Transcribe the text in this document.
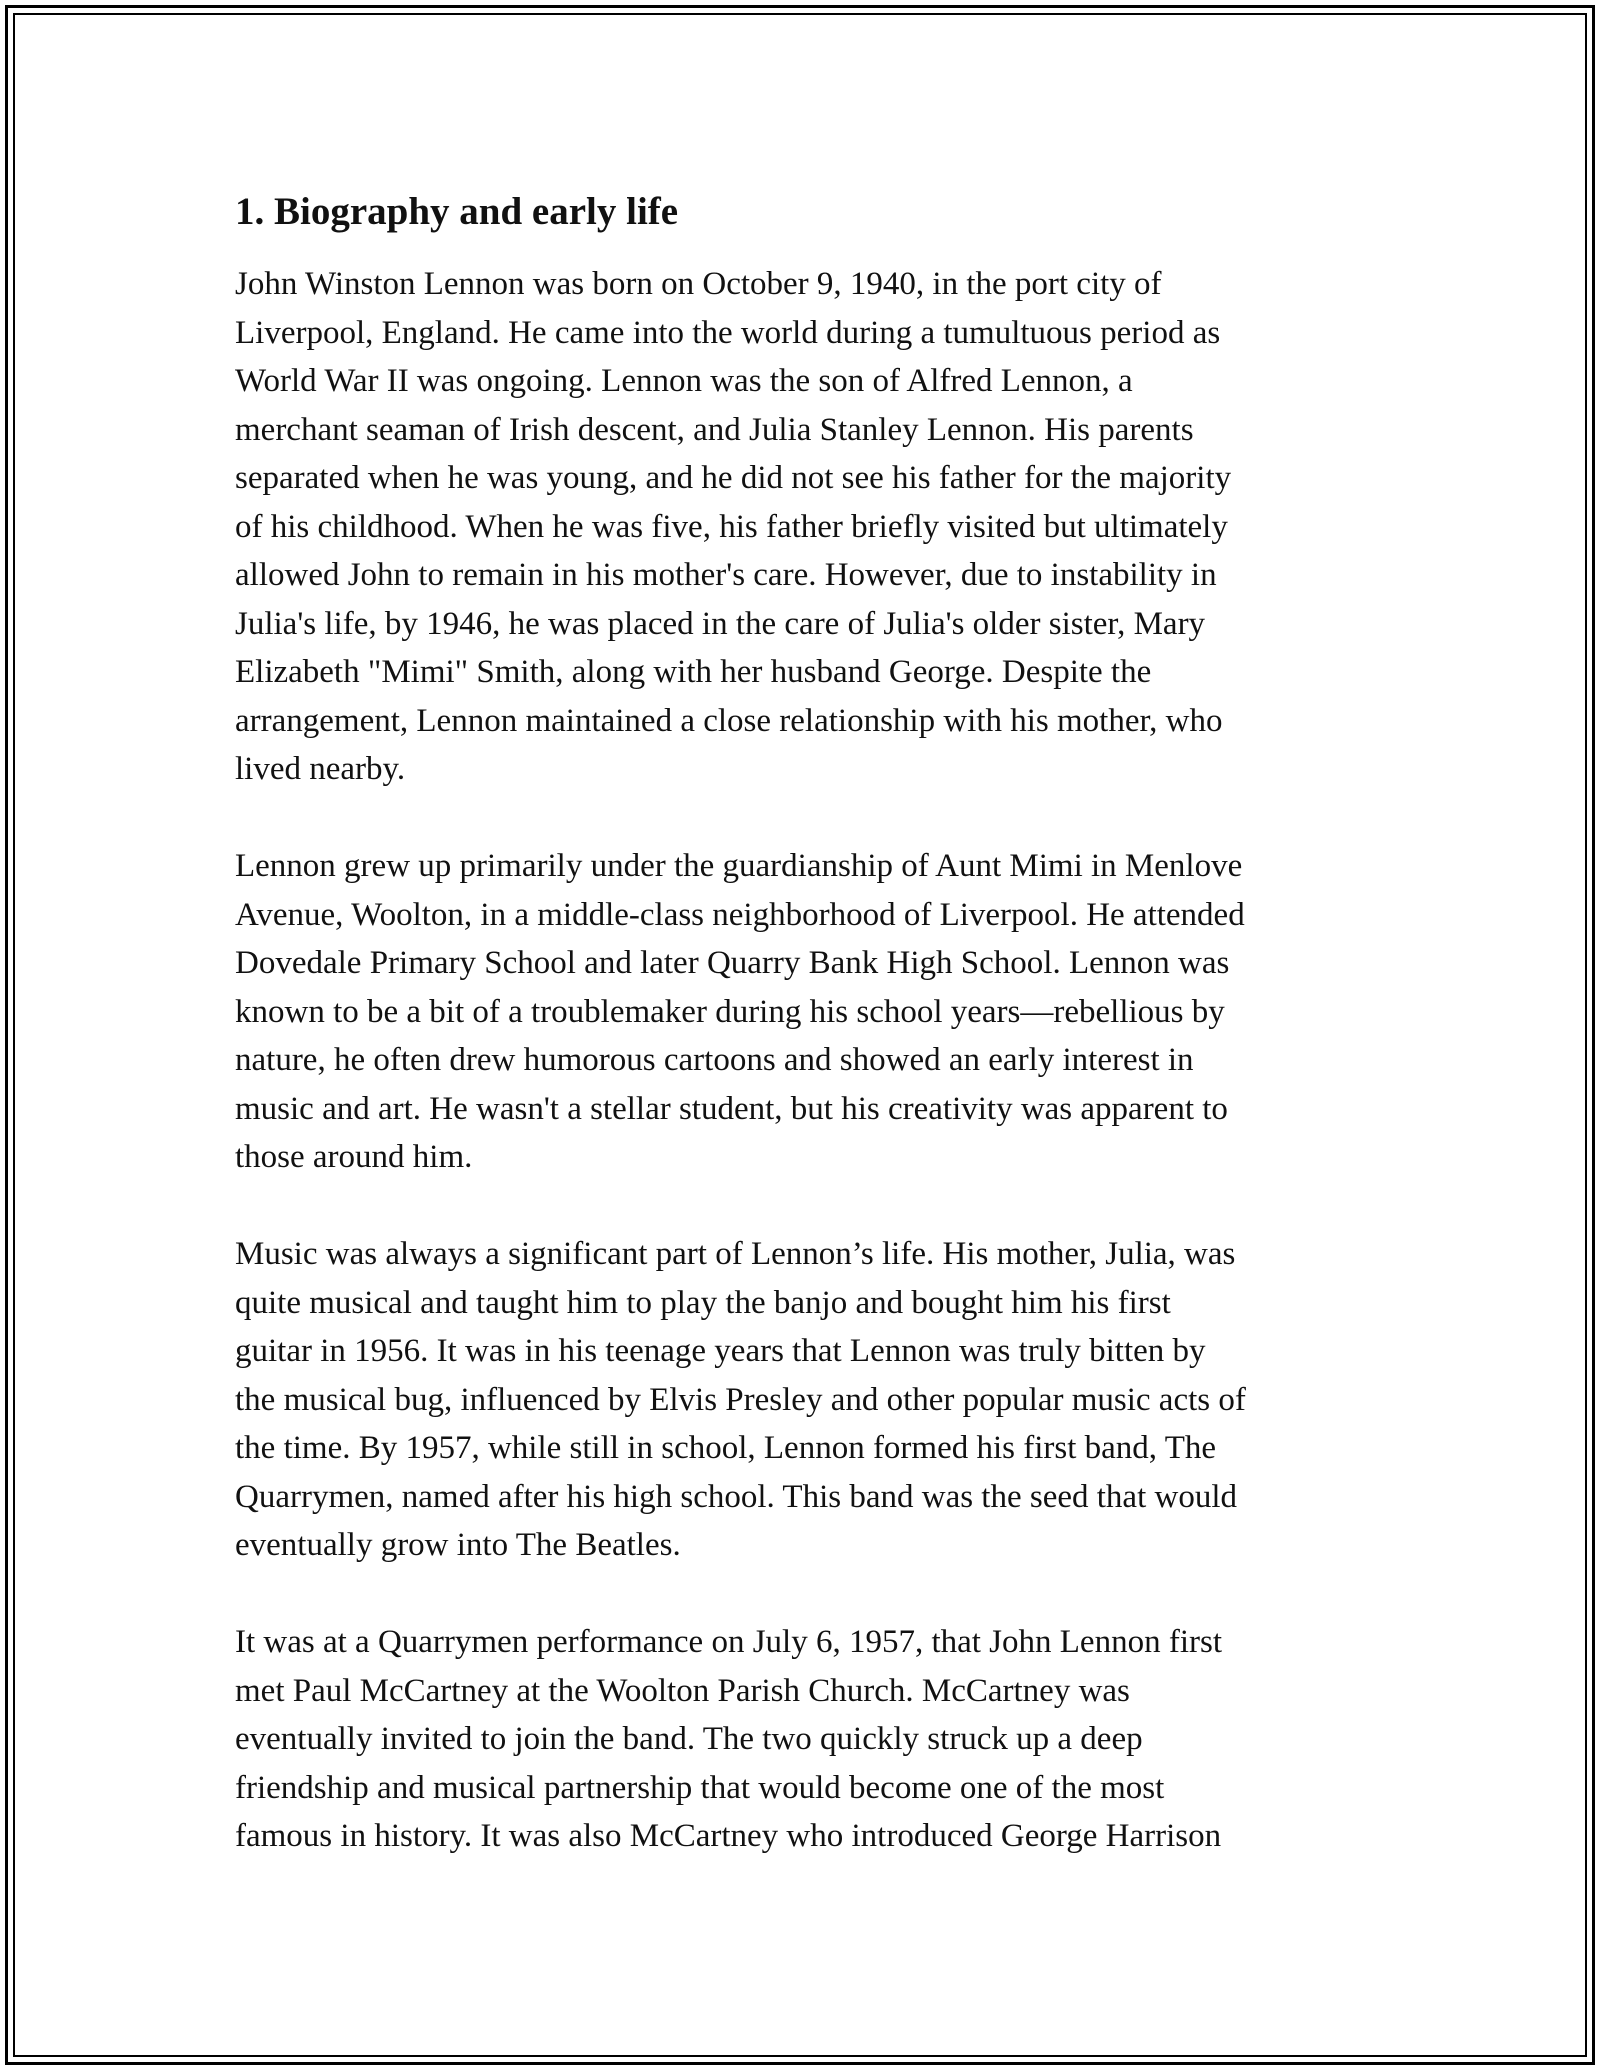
1. Biography and early life
John Winston Lennon was born on October 9, 1940, in the port city of
Liverpool, England. He came into the world during a tumultuous period as
World War II was ongoing. Lennon was the son of Alfred Lennon, a
merchant seaman of Irish descent, and Julia Stanley Lennon. His parents
separated when he was young, and he did not see his father for the majority
of his childhood. When he was five, his father briefly visited but ultimately
allowed John to remain in his mother's care. However, due to instability in
Julia's life, by 1946, he was placed in the care of Julia's older sister, Mary
Elizabeth "Mimi" Smith, along with her husband George. Despite the
arrangement, Lennon maintained a close relationship with his mother, who
lived nearby.
Lennon grew up primarily under the guardianship of Aunt Mimi in Menlove
Avenue, Woolton, in a middle-class neighborhood of Liverpool. He attended
Dovedale Primary School and later Quarry Bank High School. Lennon was
known to be a bit of a troublemaker during his school years—rebellious by
nature, he often drew humorous cartoons and showed an early interest in
music and art. He wasn't a stellar student, but his creativity was apparent to
those around him.
Music was always a significant part of Lennon’s life. His mother, Julia, was
quite musical and taught him to play the banjo and bought him his first
guitar in 1956. It was in his teenage years that Lennon was truly bitten by
the musical bug, influenced by Elvis Presley and other popular music acts of
the time. By 1957, while still in school, Lennon formed his first band, The
Quarrymen, named after his high school. This band was the seed that would
eventually grow into The Beatles.
It was at a Quarrymen performance on July 6, 1957, that John Lennon first
met Paul McCartney at the Woolton Parish Church. McCartney was
eventually invited to join the band. The two quickly struck up a deep
friendship and musical partnership that would become one of the most
famous in history. It was also McCartney who introduced George Harrison
